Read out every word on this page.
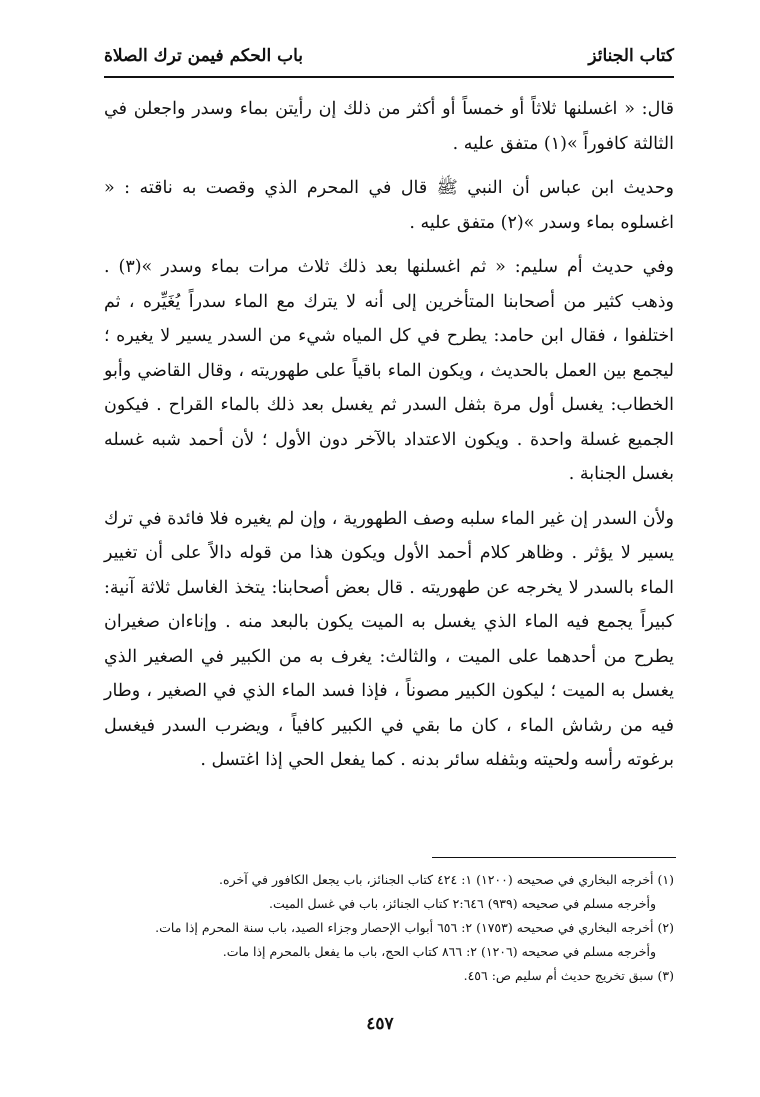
كتاب الجنائز
باب الحكم فيمن ترك الصلاة

قال: « اغسلنها ثلاثاً أو خمساً أو أكثر من ذلك إن رأيتن بماء وسدر واجعلن في الثالثة كافوراً »(١) متفق عليه .

وحديث ابن عباس أن النبي ﷺ قال في المحرم الذي وقصت به ناقته : « اغسلوه بماء وسدر »(٢) متفق عليه .

وفي حديث أم سليم: « ثم اغسلنها بعد ذلك ثلاث مرات بماء وسدر »(٣) . وذهب كثير من أصحابنا المتأخرين إلى أنه لا يترك مع الماء سدراً يُغَيِّره ، ثم اختلفوا ، فقال ابن حامد: يطرح في كل المياه شيء من السدر يسير لا يغيره ؛ ليجمع بين العمل بالحديث ، ويكون الماء باقياً على طهوريته ، وقال القاضي وأبو الخطاب: يغسل أول مرة بثفل السدر ثم يغسل بعد ذلك بالماء القراح . فيكون الجميع غسلة واحدة . ويكون الاعتداد بالآخر دون الأول ؛ لأن أحمد شبه غسله بغسل الجنابة .

ولأن السدر إن غير الماء سلبه وصف الطهورية ، وإن لم يغيره فلا فائدة في ترك يسير لا يؤثر . وظاهر كلام أحمد الأول ويكون هذا من قوله دالاً على أن تغيير الماء بالسدر لا يخرجه عن طهوريته . قال بعض أصحابنا: يتخذ الغاسل ثلاثة آنية: كبيراً يجمع فيه الماء الذي يغسل به الميت يكون بالبعد منه . وإناءان صغيران يطرح من أحدهما على الميت ، والثالث: يغرف به من الكبير في الصغير الذي يغسل به الميت ؛ ليكون الكبير مصوناً ، فإذا فسد الماء الذي في الصغير ، وطار فيه من رشاش الماء ، كان ما بقي في الكبير كافياً ، ويضرب السدر فيغسل برغوته رأسه ولحيته وبثفله سائر بدنه . كما يفعل الحي إذا اغتسل .

(١) أخرجه البخاري في صحيحه (١٢٠٠) ١: ٤٢٤ كتاب الجنائز، باب يجعل الكافور في آخره.

وأخرجه مسلم في صحيحه (٩٣٩) ٢:٦٤٦ كتاب الجنائز، باب في غسل الميت.

(٢) أخرجه البخاري في صحيحه (١٧٥٣) ٢: ٦٥٦ أبواب الإحصار وجزاء الصيد، باب سنة المحرم إذا مات.

وأخرجه مسلم في صحيحه (١٢٠٦) ٢: ٨٦٦ كتاب الحج، باب ما يفعل بالمحرم إذا مات.

(٣) سبق تخريج حديث أم سليم ص: ٤٥٦.

٤٥٧
